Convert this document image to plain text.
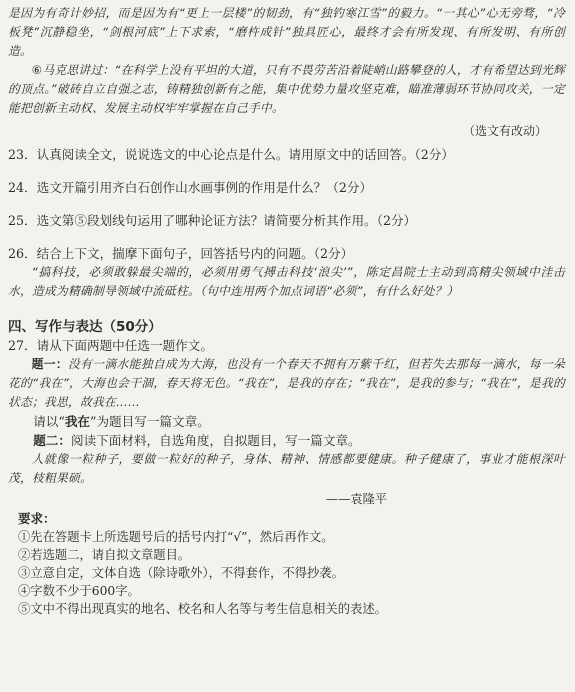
是因为有奇计妙招，而是因为有“更上一层楼”的韧劲，有“独钓寒江雪”的毅力。“一其心”心无旁骛，“冷板凳”沉静稳坐，“剑根河底”上下求索，“磨杵成针”独具匠心，最终才会有所发现、有所发明、有所创造。

⑥马克思讲过：“在科学上没有平坦的大道，只有不畏劳苦沿着陡峭山路攀登的人，才有希望达到光辉的顶点。”破砖自立自强之志，铸精独创新有之能，集中优势力量攻坚克难，瞄准薄弱环节协同攻关，一定能把创新主动权、发展主动权牢牢掌握在自己手中。

（选文有改动）

23．认真阅读全文，说说选文的中心论点是什么。请用原文中的话回答。（2分）

24．选文开篇引用齐白石创作山水画事例的作用是什么？（2分）

25．选文第⑤段划线句运用了哪种论证方法？请简要分析其作用。（2分）

26．结合上下文，揣摩下面句子，回答括号内的问题。（2分）

“搞科技，必须敢躲最尖端的，必须用勇气搏击科技‘浪尖’”，陈定昌院士主动到高精尖领域中洼击水，造成为精确制导领域中流砥柱。（句中连用两个加点词语“必须”，有什么好处？）

四、写作与表达（50分）

27．请从下面两题中任选一题作文。

题一：没有一滴水能独自成为大海，也没有一个春天不拥有万紫千红，但若失去那每一滴水，每一朵花的“我在”，大海也会干涸，春天将无色。“我在”，是我的存在；“我在”，是我的参与；“我在”，是我的状态；我思，故我在……

请以“我在”为题目写一篇文章。

题二：阅读下面材料，自选角度，自拟题目，写一篇文章。

人就像一粒种子，要做一粒好的种子，身体、精神、情感都要健康。种子健康了，事业才能根深叶茂，枝粗果硕。

——袁隆平

要求：

①先在答题卡上所选题号后的括号内打“√”，然后再作文。

②若选题二，请自拟文章题目。

③立意自定，文体自选（除诗歌外），不得套作，不得抄袭。

④字数不少于600字。

⑤文中不得出现真实的地名、校名和人名等与考生信息相关的表述。
